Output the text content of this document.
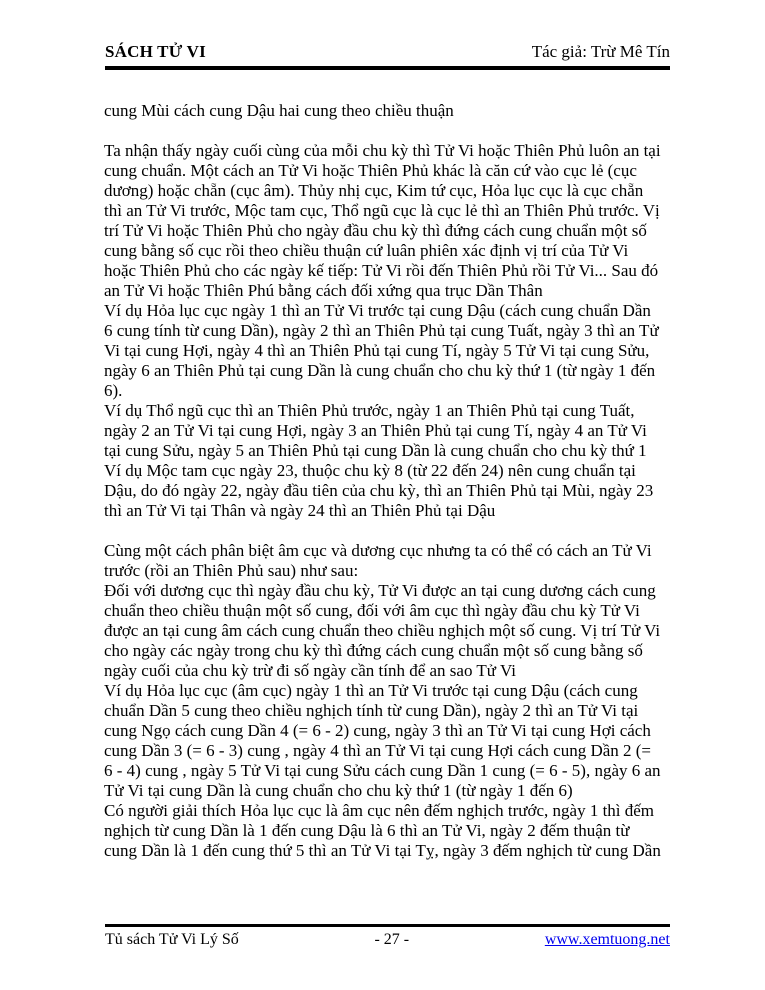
SÁCH TỬ VI	Tác giả: Trừ Mê Tín
cung Mùi cách cung Dậu hai cung theo chiều thuận
Ta nhận thấy ngày cuối cùng của mỗi chu kỳ thì Tử Vi hoặc Thiên Phủ luôn an tại
cung chuẩn. Một cách an Tử Vi hoặc Thiên Phủ khác là căn cứ vào cục lẻ (cục
dương) hoặc chẵn (cục âm). Thủy nhị cục, Kim tứ cục, Hỏa lục cục là cục chẵn
thì an Tử Vi trước, Mộc tam cục, Thổ ngũ cục là cục lẻ thì an Thiên Phủ trước. Vị
trí Tử Vi hoặc Thiên Phủ cho ngày đầu chu kỳ thì đứng cách cung chuẩn một số
cung bằng số cục rồi theo chiều thuận cứ luân phiên xác định vị trí của Tử Vi
hoặc Thiên Phủ cho các ngày kế tiếp: Tử Vi rồi đến Thiên Phủ rồi Tử Vi... Sau đó
an Tử Vi hoặc Thiên Phú bằng cách đối xứng qua trục Dần Thân
Ví dụ Hỏa lục cục ngày 1 thì an Tử Vi trước tại cung Dậu (cách cung chuẩn Dần
6 cung tính từ cung Dần), ngày 2 thì an Thiên Phủ tại cung Tuất, ngày 3 thì an Tử
Vi tại cung Hợi, ngày 4 thì an Thiên Phủ tại cung Tí, ngày 5 Tử Vi tại cung Sửu,
ngày 6 an Thiên Phủ tại cung Dần là cung chuẩn cho chu kỳ thứ 1 (từ ngày 1 đến
6).
Ví dụ Thổ ngũ cục thì an Thiên Phủ trước, ngày 1 an Thiên Phủ tại cung Tuất,
ngày 2 an Tử Vi tại cung Hợi, ngày 3 an Thiên Phủ tại cung Tí, ngày 4 an Tử Vi
tại cung Sửu, ngày 5 an Thiên Phủ tại cung Dần là cung chuẩn cho chu kỳ thứ 1
Ví dụ Mộc tam cục ngày 23, thuộc chu kỳ 8 (từ 22 đến 24) nên cung chuẩn tại
Dậu, do đó ngày 22, ngày đầu tiên của chu kỳ, thì an Thiên Phủ tại Mùi, ngày 23
thì an Tử Vi tại Thân và ngày 24 thì an Thiên Phủ tại Dậu
Cùng một cách phân biệt âm cục và dương cục nhưng ta có thể có cách an Tử Vi
trước (rồi an Thiên Phủ sau) như sau:
Đối với dương cục thì ngày đầu chu kỳ, Tử Vi được an tại cung dương cách cung
chuẩn theo chiều thuận một số cung, đối với âm cục thì ngày đầu chu kỳ Tử Vi
được an tại cung âm cách cung chuẩn theo chiều nghịch một số cung. Vị trí Tử Vi
cho ngày các ngày trong chu kỳ thì đứng cách cung chuẩn một số cung bằng số
ngày cuối của chu kỳ trừ đi số ngày cần tính để an sao Tử Vi
Ví dụ Hỏa lục cục (âm cục) ngày 1 thì an Tử Vi trước tại cung Dậu (cách cung
chuẩn Dần 5 cung theo chiều nghịch tính từ cung Dần), ngày 2 thì an Tử Vi tại
cung Ngọ cách cung Dần 4 (= 6 - 2) cung, ngày 3 thì an Tử Vi tại cung Hợi cách
cung Dần 3 (= 6 - 3) cung , ngày 4 thì an Tử Vi tại cung Hợi cách cung Dần 2 (=
6 - 4) cung , ngày 5 Tử Vi tại cung Sửu cách cung Dần 1 cung (= 6 - 5), ngày 6 an
Tử Vi tại cung Dần là cung chuẩn cho chu kỳ thứ 1 (từ ngày 1 đến 6)
Có người giải thích Hỏa lục cục là âm cục nên đếm nghịch trước, ngày 1 thì đếm
nghịch từ cung Dần là 1 đến cung Dậu là 6 thì an Tử Vi, ngày 2 đếm thuận từ
cung Dần là 1 đến cung thứ 5 thì an Tử Vi tại Tỵ, ngày 3 đếm nghịch từ cung Dần
Tủ sách Tử Vi Lý Số	- 27 -	www.xemtuong.net
